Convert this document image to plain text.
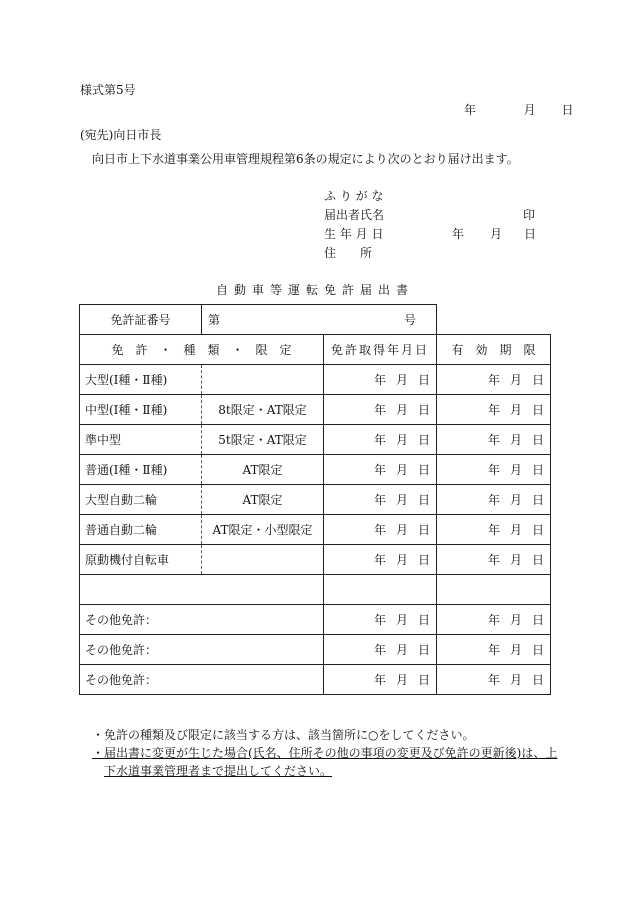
様式第5号
年	月 日
(宛先)向日市長
向日市上下水道事業公用車管理規程第6条の規定により次のとおり届け出ます。
ふ り が な
届出者氏名	印
生 年 月 日	年 月 日
住　　所
自動車等運転免許届出書
免許証番号	第 号		

免　許　・　種　類　・　限　定		免許取得年月日	有　効　期　限
大型(Ⅰ種・Ⅱ種)		年 月 日	年 月 日

中型(Ⅰ種・Ⅱ種)	8t限定・AT限定	年 月 日	年 月 日

準中型	5t限定・AT限定	年 月 日	年 月 日

普通(Ⅰ種・Ⅱ種)	AT限定	年 月 日	年 月 日

大型自動二輪	AT限定	年 月 日	年 月 日

普通自動二輪	AT限定・小型限定	年 月 日	年 月 日

原動機付自転車		年 月 日	年 月 日

その他免許：		年 月 日	年 月 日

その他免許：		年 月 日	年 月 日

その他免許：		年 月 日	年 月 日
・免許の種類及び限定に該当する方は、該当箇所に○をしてください。
・届出書に変更が生じた場合(氏名、住所その他の事項の変更及び免許の更新後)は、上
下水道事業管理者まで提出してください。
